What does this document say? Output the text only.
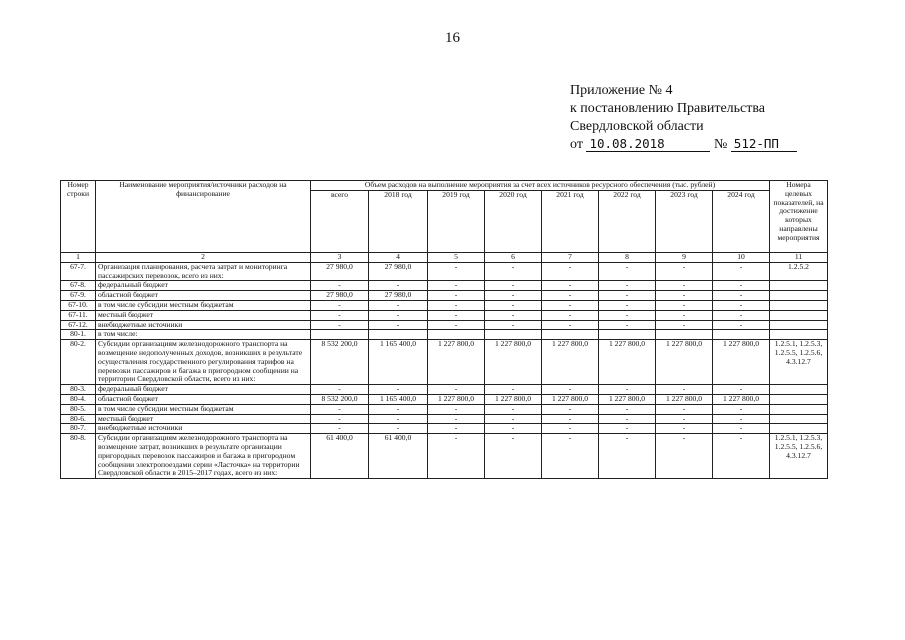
16
Приложение № 4
к постановлению Правительства
Свердловской области
от 10.08.2018	№ 512-ПП
Номер строки	Наименование мероприятия/источники расходов на финансирование	Объем расходов на выполнение мероприятия за счет всех источников ресурсного обеспечения (тыс. рублей)								Номера целевых показателей, на достижение которых направлены мероприятия
		всего	2018 год	2019 год	2020 год	2021 год	2022 год	2023 год	2024 год	
1	2	3	4	5	6	7	8	9	10	11
67-7.	Организация планирования, расчета затрат и мониторинга пассажирских перевозок, всего из них:	27 980,0	27 980,0	-	-	-	-	-	-	1.2.5.2
67-8.	федеральный бюджет	-	-	-	-	-	-	-	-	
67-9.	областной бюджет	27 980,0	27 980,0	-	-	-	-	-	-	
67-10.	в том числе субсидии местным бюджетам	-	-	-	-	-	-	-	-	
67-11.	местный бюджет	-	-	-	-	-	-	-	-	
67-12.	внебюджетные источники	-	-	-	-	-	-	-	-	
80-1.	в том числе:									
80-2.	Субсидии организациям железнодорожного транспорта на возмещение недополученных доходов, возникших в результате осуществления государственного регулирования тарифов на перевозки пассажиров и багажа в пригородном сообщении на территории Свердловской области, всего из них:	8 532 200,0	1 165 400,0	1 227 800,0	1 227 800,0	1 227 800,0	1 227 800,0	1 227 800,0	1 227 800,0	1.2.5.1, 1.2.5.3, 1.2.5.5, 1.2.5.6, 4.3.12.7
80-3.	федеральный бюджет	-	-	-	-	-	-	-	-	
80-4.	областной бюджет	8 532 200,0	1 165 400,0	1 227 800,0	1 227 800,0	1 227 800,0	1 227 800,0	1 227 800,0	1 227 800,0	
80-5.	в том числе субсидии местным бюджетам	-	-	-	-	-	-	-	-	
80-6.	местный бюджет	-	-	-	-	-	-	-	-	
80-7.	внебюджетные источники	-	-	-	-	-	-	-	-	
80-8.	Субсидии организациям железнодорожного транспорта на возмещение затрат, возникших в результате организации пригородных перевозок пассажиров и багажа в пригородном сообщении электропоездами серии «Ласточка» на территории Свердловской области в 2015–2017 годах, всего из них:	61 400,0	61 400,0	-	-	-	-	-	-	1.2.5.1, 1.2.5.3, 1.2.5.5, 1.2.5.6, 4.3.12.7
